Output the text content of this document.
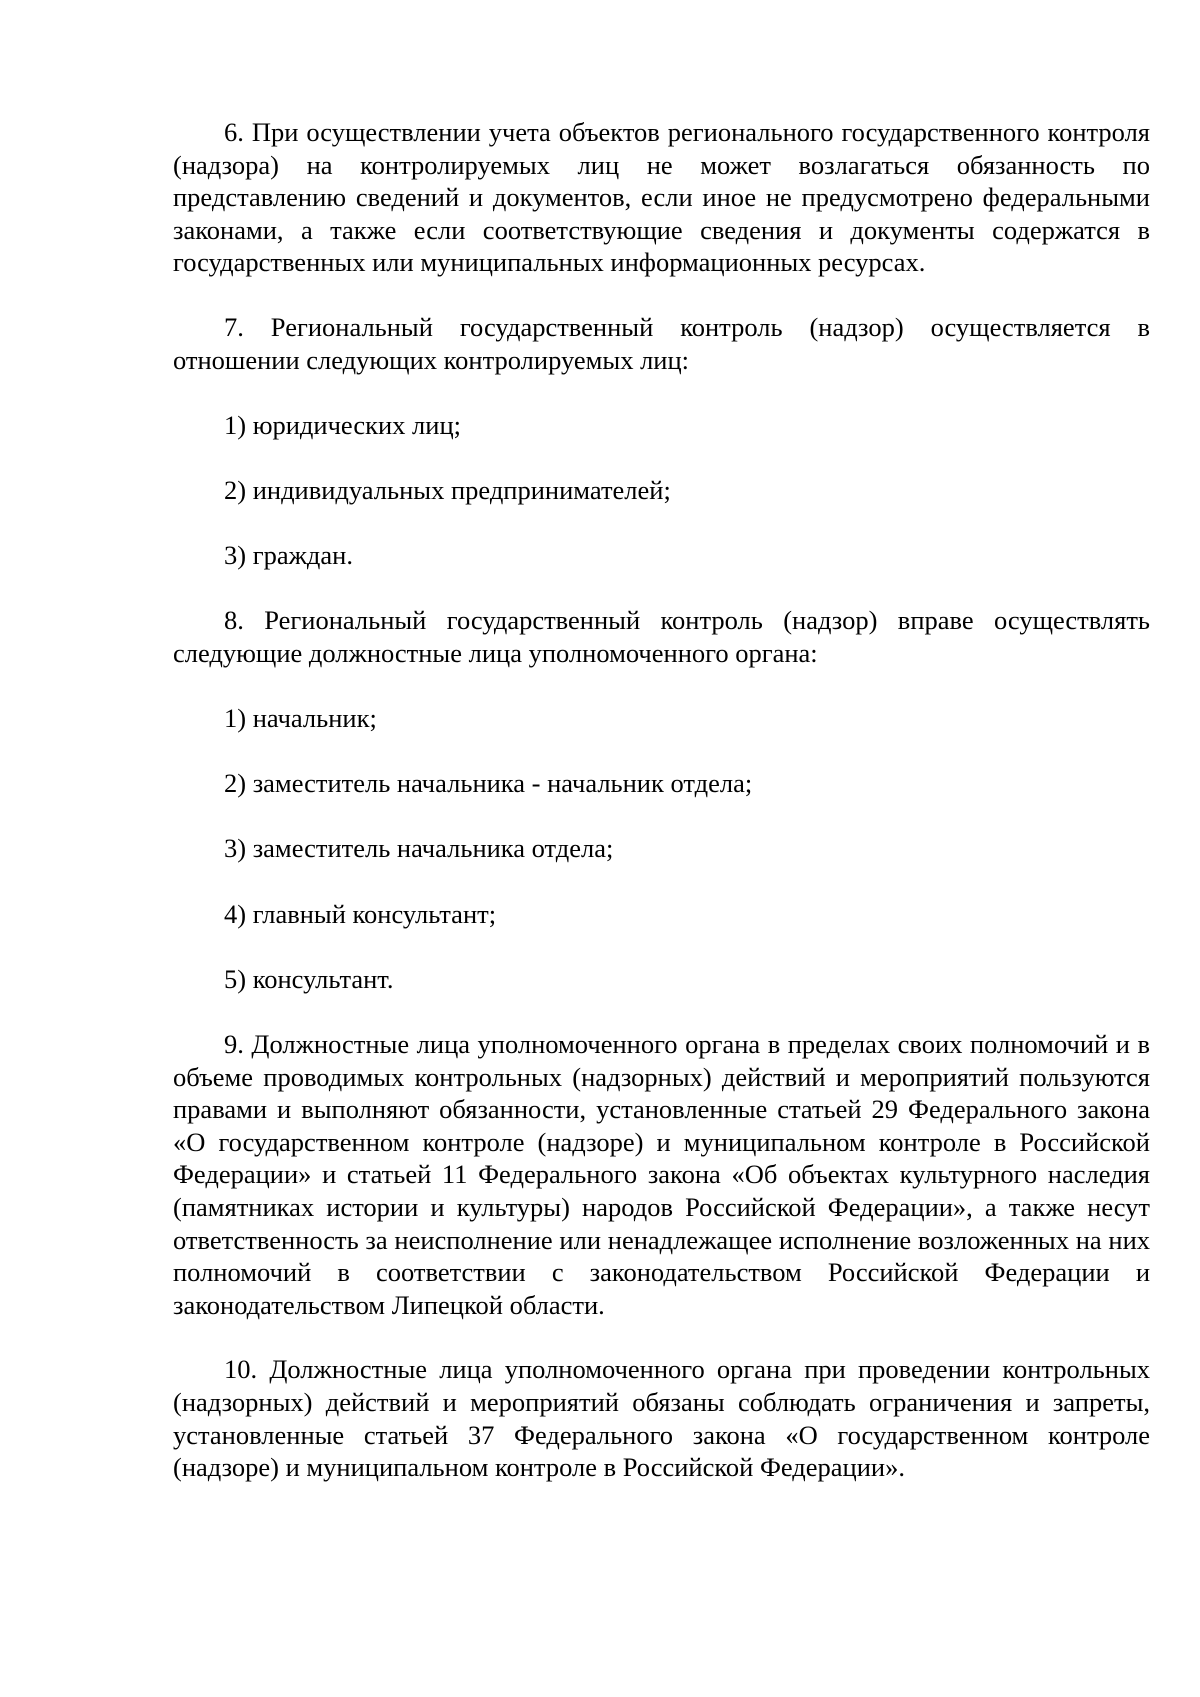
6. При осуществлении учета объектов регионального государственного контроля (надзора) на контролируемых лиц не может возлагаться обязанность по представлению сведений и документов, если иное не предусмотрено федеральными законами, а также если соответствующие сведения и документы содержатся в государственных или муниципальных информационных ресурсах.

7. Региональный государственный контроль (надзор) осуществляется в отношении следующих контролируемых лиц:

1) юридических лиц;

2) индивидуальных предпринимателей;

3) граждан.

8. Региональный государственный контроль (надзор) вправе осуществлять следующие должностные лица уполномоченного органа:

1) начальник;

2) заместитель начальника - начальник отдела;

3) заместитель начальника отдела;

4) главный консультант;

5) консультант.

9. Должностные лица уполномоченного органа в пределах своих полномочий и в объеме проводимых контрольных (надзорных) действий и мероприятий пользуются правами и выполняют обязанности, установленные статьей 29 Федерального закона «О государственном контроле (надзоре) и муниципальном контроле в Российской Федерации» и статьей 11 Федерального закона «Об объектах культурного наследия (памятниках истории и культуры) народов Российской Федерации», а также несут ответственность за неисполнение или ненадлежащее исполнение возложенных на них полномочий в соответствии с законодательством Российской Федерации и законодательством Липецкой области.

10. Должностные лица уполномоченного органа при проведении контрольных (надзорных) действий и мероприятий обязаны соблюдать ограничения и запреты, установленные статьей 37 Федерального закона «О государственном контроле (надзоре) и муниципальном контроле в Российской Федерации».
